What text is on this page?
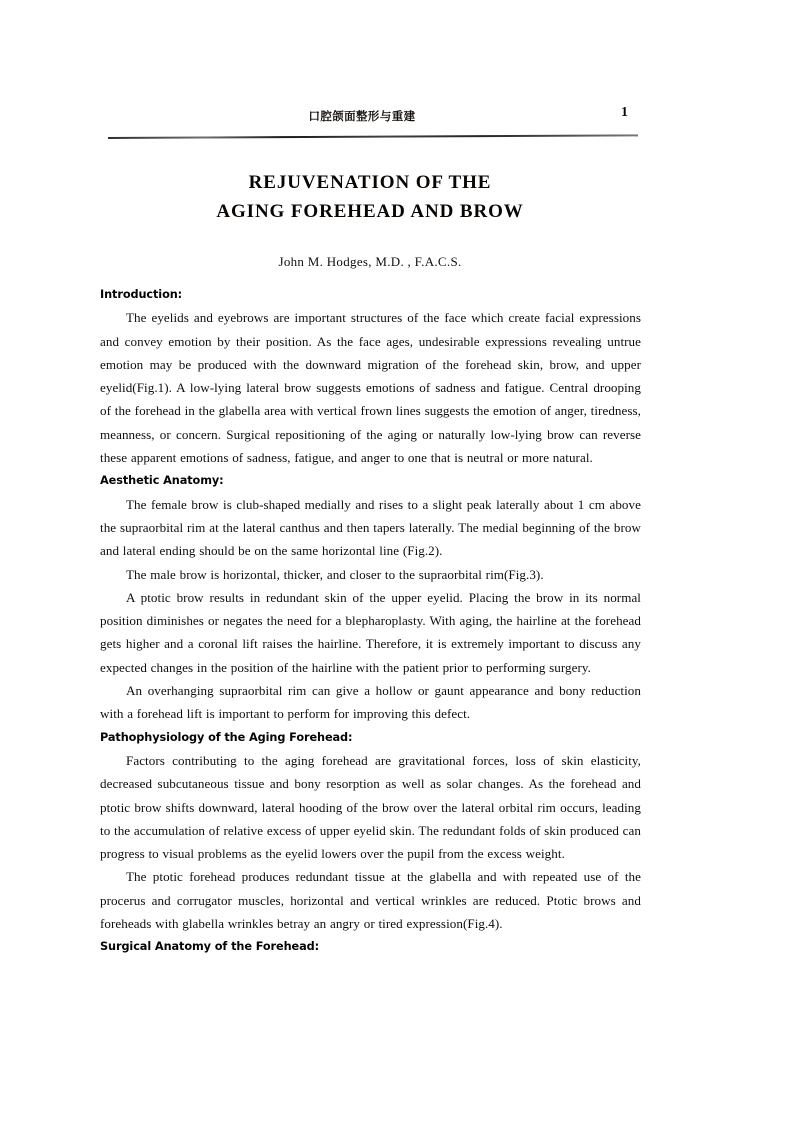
口腔颌面整形与重建	1
REJUVENATION OF THE
AGING FOREHEAD AND BROW
John M. Hodges, M.D. , F.A.C.S.
Introduction:

The eyelids and eyebrows are important structures of the face which create facial expressions and convey emotion by their position. As the face ages, undesirable expressions revealing untrue emotion may be produced with the downward migration of the forehead skin, brow, and upper eyelid(Fig.1). A low-lying lateral brow suggests emotions of sadness and fatigue. Central drooping of the forehead in the glabella area with vertical frown lines suggests the emotion of anger, tiredness, meanness, or concern. Surgical repositioning of the aging or naturally low-lying brow can reverse these apparent emotions of sadness, fatigue, and anger to one that is neutral or more natural.

Aesthetic Anatomy:

The female brow is club-shaped medially and rises to a slight peak laterally about 1 cm above the supraorbital rim at the lateral canthus and then tapers laterally. The medial beginning of the brow and lateral ending should be on the same horizontal line (Fig.2).

The male brow is horizontal, thicker, and closer to the supraorbital rim(Fig.3).

A ptotic brow results in redundant skin of the upper eyelid. Placing the brow in its normal position diminishes or negates the need for a blepharoplasty. With aging, the hairline at the forehead gets higher and a coronal lift raises the hairline. Therefore, it is extremely important to discuss any expected changes in the position of the hairline with the patient prior to performing surgery.

An overhanging supraorbital rim can give a hollow or gaunt appearance and bony reduction with a forehead lift is important to perform for improving this defect.

Pathophysiology of the Aging Forehead:

Factors contributing to the aging forehead are gravitational forces, loss of skin elasticity, decreased subcutaneous tissue and bony resorption as well as solar changes. As the forehead and ptotic brow shifts downward, lateral hooding of the brow over the lateral orbital rim occurs, leading to the accumulation of relative excess of upper eyelid skin. The redundant folds of skin produced can progress to visual problems as the eyelid lowers over the pupil from the excess weight.

The ptotic forehead produces redundant tissue at the glabella and with repeated use of the procerus and corrugator muscles, horizontal and vertical wrinkles are reduced. Ptotic brows and foreheads with glabella wrinkles betray an angry or tired expression(Fig.4).

Surgical Anatomy of the Forehead:
